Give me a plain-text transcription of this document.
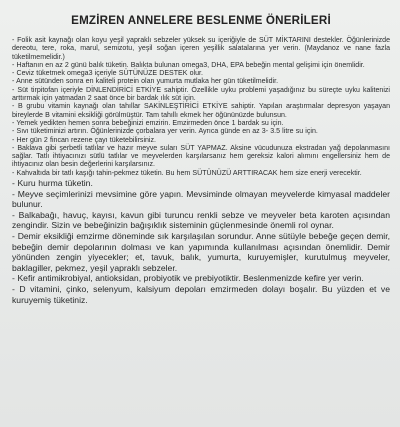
EMZİREN ANNELERE BESLENME ÖNERİLERİ
- Folik asit kaynağı olan koyu yeşil yapraklı sebzeler yüksek su içeriğiyle de SÜT MİKTARINI destekler. Öğünlerinizde dereotu, tere, roka, marul, semizotu, yeşil soğan içeren yeşillik salatalarına yer verin. (Maydanoz ve nane fazla tüketilmemelidir.)
- Haftanın en az 2 günü balık tüketin. Balıkta bulunan omega3, DHA, EPA bebeğin mental gelişimi için önemlidir.
- Ceviz tüketmek omega3 içeriyle SÜTÜNÜZE DESTEK olur.
- Anne sütünden sonra en kaliteli protein olan yumurta mutlaka her gün tüketilmelidir.
- Süt tirpitofan içeriyle DİNLENDİRİCİ ETKİYE sahiptir. Özellikle uyku problemi yaşadığınız bu süreçte uyku kalitenizi arttırmak için yatmadan 2 saat önce bir bardak ılık süt için.
- B grubu vitamin kaynağı olan tahıllar SAKİNLEŞTİRİCİ ETKİYE sahiptir. Yapılan araştırmalar depresyon yaşayan bireylerde B vitamini eksikliği görülmüştür. Tam tahıllı ekmek her öğününüzde bulunsun.
- Yemek yedikten hemen sonra bebeğinizi emzirin. Emzirmeden önce 1 bardak su için.
- Sıvı tüketiminizi artırın. Öğünlerinizde çorbalara yer verin. Ayrıca günde en az 3- 3.5 litre su için.
- Her gün 2 fincan rezene çayı tüketebilirsiniz.
- Baklava gibi şerbetli tatlılar ve hazır meyve suları SÜT YAPMAZ. Aksine vücudunuza ekstradan yağ depolanmasını sağlar. Tatlı ihtiyacınızı sütlü tatlılar ve meyvelerden karşılarsanız hem gereksiz kalori alımını engellersiniz hem de ihtiyacınız olan besin değerlerini karşılarsınız.
- Kahvaltıda bir tatlı kaşığı tahin-pekmez tüketin. Bu hem SÜTÜNÜZÜ ARTTIRACAK hem size enerji verecektir.
- Kuru hurma tüketin.
- Meyve seçimlerinizi mevsimine göre yapın. Mevsiminde olmayan meyvelerde kimyasal maddeler bulunur.
- Balkabağı, havuç, kayısı, kavun gibi turuncu renkli sebze ve meyveler beta karoten açısından zengindir. Sizin ve bebeğinizin bağışıklık sisteminin güçlenmesinde önemli rol oynar.
- Demir eksikliği emzirme döneminde sık karşılaşılan sorundur. Anne sütüyle bebeğe geçen demir, bebeğin demir depolarının dolması ve kan yapımında kullanılması açısından önemlidir. Demir yönünden zengin yiyecekler; et, tavuk, balık, yumurta, kuruyemişler, kurutulmuş meyveler, baklagiller, pekmez, yeşil yapraklı sebzeler.
- Kefir antimikrobiyal, antioksidan, probiyotik ve prebiyotiktir. Beslenmenizde kefire yer verin.
- D vitamini, çinko, selenyum, kalsiyum depoları emzirmeden dolayı boşalır. Bu yüzden et ve kuruyemiş tüketiniz.
